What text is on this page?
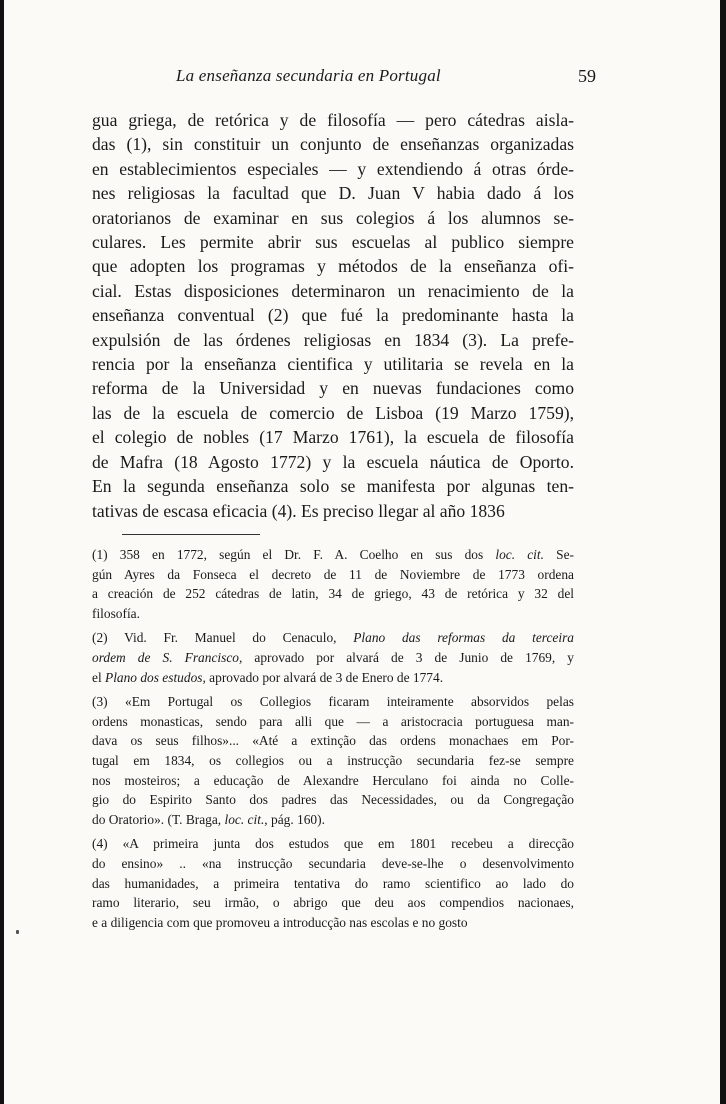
La enseñanza secundaria en Portugal	59
gua griega, de retórica y de filosofía — pero cátedras aisla-
das (1), sin constituir un conjunto de enseñanzas organizadas
en establecimientos especiales — y extendiendo á otras órde-
nes religiosas la facultad que D. Juan V habia dado á los
oratorianos de examinar en sus colegios á los alumnos se-
culares. Les permite abrir sus escuelas al publico siempre
que adopten los programas y métodos de la enseñanza ofi-
cial. Estas disposiciones determinaron un renacimiento de la
enseñanza conventual (2) que fué la predominante hasta la
expulsión de las órdenes religiosas en 1834 (3). La prefe-
rencia por la enseñanza cientifica y utilitaria se revela en la
reforma de la Universidad y en nuevas fundaciones como
las de la escuela de comercio de Lisboa (19 Marzo 1759),
el colegio de nobles (17 Marzo 1761), la escuela de filosofía
de Mafra (18 Agosto 1772) y la escuela náutica de Oporto.
En la segunda enseñanza solo se manifesta por algunas ten-
tativas de escasa eficacia (4). Es preciso llegar al año 1836
(1) 358 en 1772, según el Dr. F. A. Coelho en sus dos loc. cit. Se-
gún Ayres da Fonseca el decreto de 11 de Noviembre de 1773 ordena
a creación de 252 cátedras de latin, 34 de griego, 43 de retórica y 32 del
filosofía.
(2) Vid. Fr. Manuel do Cenaculo, Plano das reformas da terceira
ordem de S. Francisco, aprovado por alvará de 3 de Junio de 1769, y
el Plano dos estudos, aprovado por alvará de 3 de Enero de 1774.
(3) «Em Portugal os Collegios ficaram inteiramente absorvidos pelas
ordens monasticas, sendo para alli que — a aristocracia portuguesa man-
dava os seus filhos»... «Até a extinção das ordens monachaes em Por-
tugal em 1834, os collegios ou a instrucção secundaria fez-se sempre
nos mosteiros; a educação de Alexandre Herculano foi ainda no Colle-
gio do Espirito Santo dos padres das Necessidades, ou da Congregação
do Oratorio». (T. Braga, loc. cit., pág. 160).
(4) «A primeira junta dos estudos que em 1801 recebeu a direcção
do ensino» .. «na instrucção secundaria deve-se-lhe o desenvolvimento
das humanidades, a primeira tentativa do ramo scientifico ao lado do
ramo literario, seu irmão, o abrigo que deu aos compendios nacionaes,
e a diligencia com que promoveu a introducção nas escolas e no gosto
